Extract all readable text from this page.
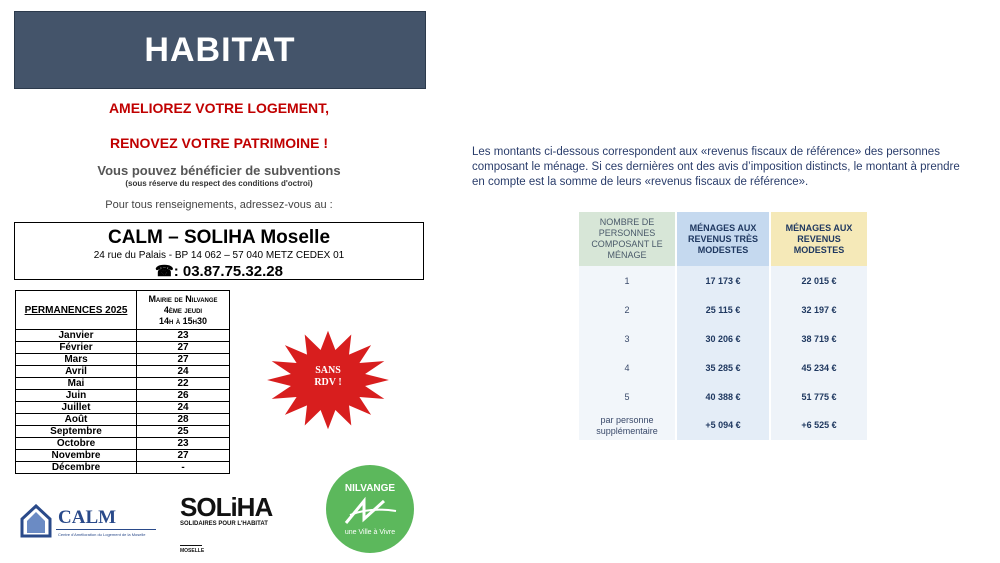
HABITAT
AMELIOREZ VOTRE LOGEMENT,
RENOVEZ VOTRE PATRIMOINE !
Vous pouvez bénéficier de subventions
(sous réserve du respect des conditions d'octroi)
Pour tous renseignements, adressez-vous au :
CALM – SOLIHA Moselle
24 rue du Palais - BP 14 062 – 57 040 METZ CEDEX 01
☎: 03.87.75.32.28
PERMANENCES 2025	Mairie de Nilvange
4ème jeudi
14h à 15h30
Janvier	23
Février	27
Mars	27
Avril	24
Mai	22
Juin	26
Juillet	24
Août	28
Septembre	25
Octobre	23
Novembre	27
Décembre	-
SANS
RDV !
CALM
Centre d'Amélioration du Logement de la Moselle
SOLiHA
SOLIDAIRES POUR L'HABITAT
MOSELLE
NILVANGE
une Ville à Vivre
Les montants ci-dessous correspondent aux «revenus fiscaux de référence» des personnes composant le ménage. Si ces dernières ont des avis d’imposition distincts, le montant à prendre en compte est la somme de leurs «revenus fiscaux de référence».
NOMBRE DE PERSONNES COMPOSANT LE MÉNAGE	MÉNAGES AUX REVENUS TRÈS MODESTES	MÉNAGES AUX REVENUS MODESTES
1	17 173 €	22 015 €
2	25 115 €	32 197 €
3	30 206 €	38 719 €
4	35 285 €	45 234 €
5	40 388 €	51 775 €
par personne supplémentaire	+5 094 €	+6 525 €
